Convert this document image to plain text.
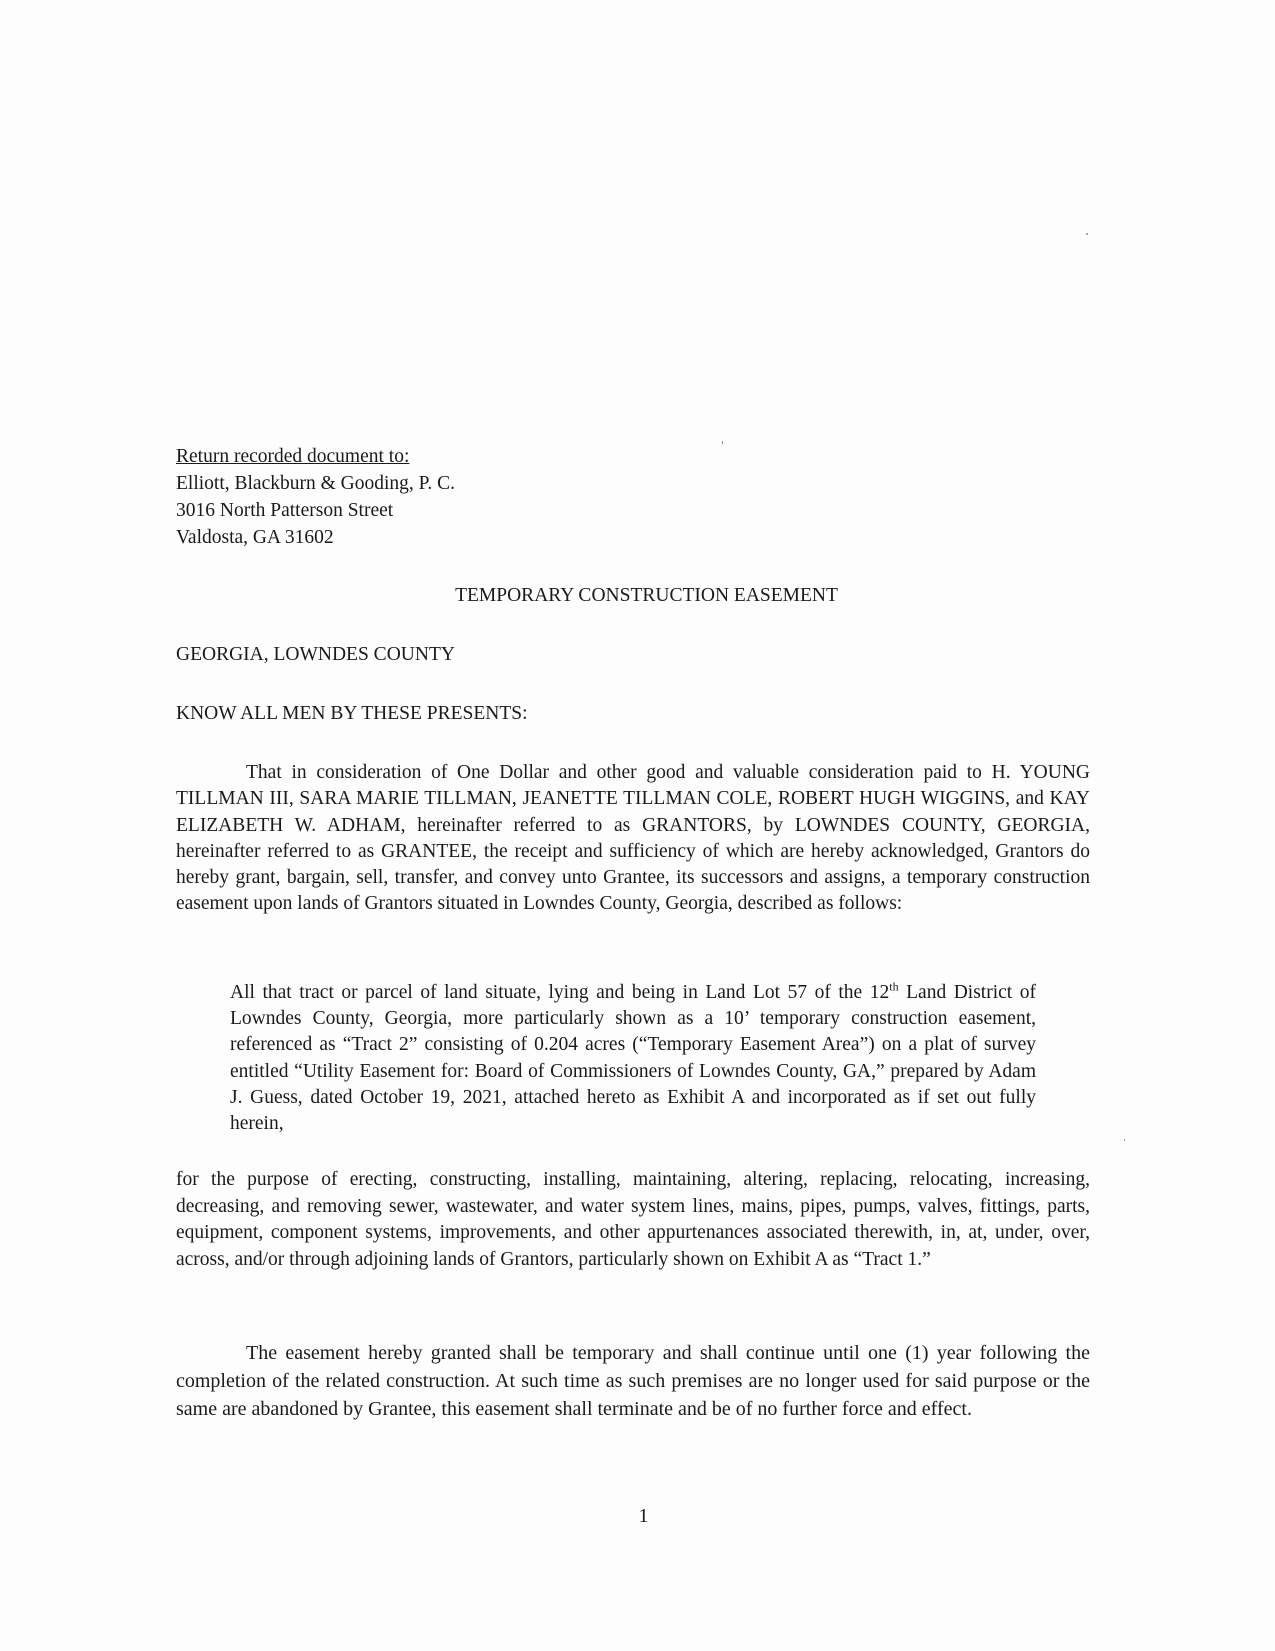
Return recorded document to:
Elliott, Blackburn & Gooding, P. C.
3016 North Patterson Street
Valdosta, GA 31602
TEMPORARY CONSTRUCTION EASEMENT
GEORGIA, LOWNDES COUNTY
KNOW ALL MEN BY THESE PRESENTS:
That in consideration of One Dollar and other good and valuable consideration paid to H. YOUNG TILLMAN III, SARA MARIE TILLMAN, JEANETTE TILLMAN COLE, ROBERT HUGH WIGGINS, and KAY ELIZABETH W. ADHAM, hereinafter referred to as GRANTORS, by LOWNDES COUNTY, GEORGIA, hereinafter referred to as GRANTEE, the receipt and sufficiency of which are hereby acknowledged, Grantors do hereby grant, bargain, sell, transfer, and convey unto Grantee, its successors and assigns, a temporary construction easement upon lands of Grantors situated in Lowndes County, Georgia, described as follows:
All that tract or parcel of land situate, lying and being in Land Lot 57 of the 12th Land District of Lowndes County, Georgia, more particularly shown as a 10’ temporary construction easement, referenced as “Tract 2” consisting of 0.204 acres (“Temporary Easement Area”) on a plat of survey entitled “Utility Easement for: Board of Commissioners of Lowndes County, GA,” prepared by Adam J. Guess, dated October 19, 2021, attached hereto as Exhibit A and incorporated as if set out fully herein,
for the purpose of erecting, constructing, installing, maintaining, altering, replacing, relocating, increasing, decreasing, and removing sewer, wastewater, and water system lines, mains, pipes, pumps, valves, fittings, parts, equipment, component systems, improvements, and other appurtenances associated therewith, in, at, under, over, across, and/or through adjoining lands of Grantors, particularly shown on Exhibit A as “Tract 1.”
The easement hereby granted shall be temporary and shall continue until one (1) year following the completion of the related construction. At such time as such premises are no longer used for said purpose or the same are abandoned by Grantee, this easement shall terminate and be of no further force and effect.
1
